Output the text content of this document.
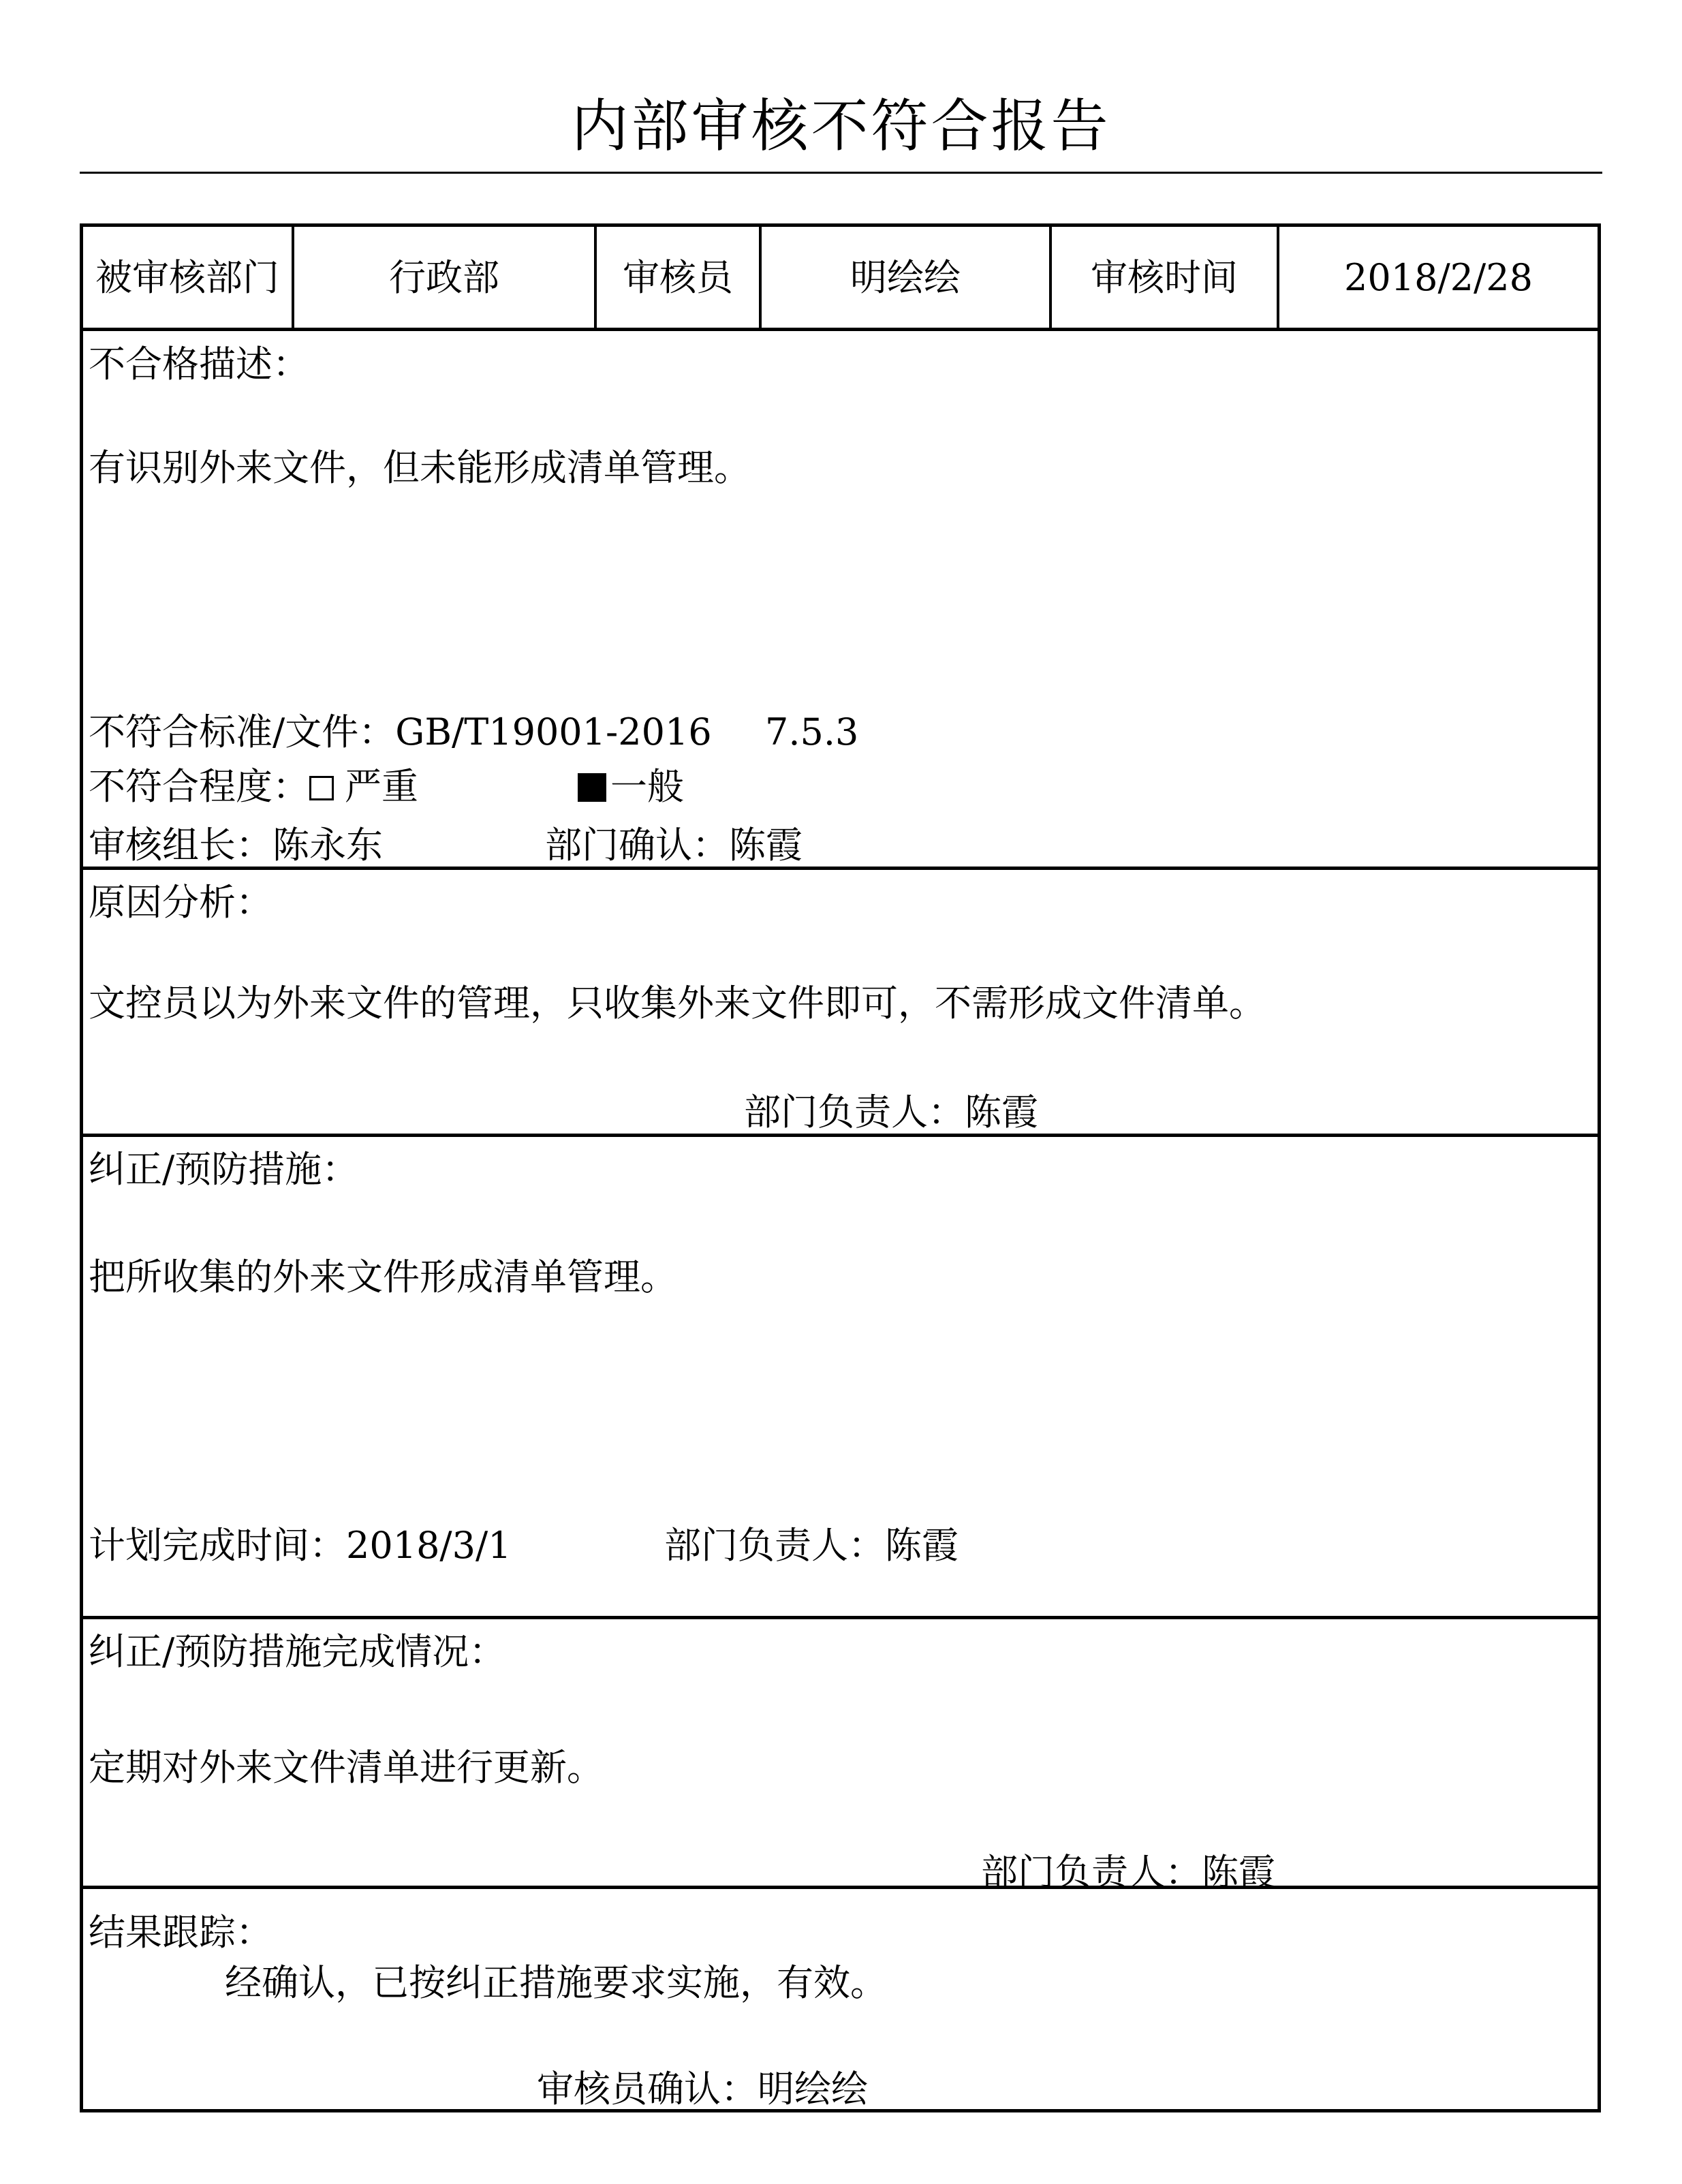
内部审核不符合报告
被审核部门	行政部	审核员	明绘绘	审核时间	2018/2/28
不合格描述：
有识别外来文件，但未能形成清单管理。
不符合标准/文件：GB/T19001-2016 7.5.3
不符合程度： 严重	一般
审核组长：陈永东	部门确认：陈霞
原因分析：
文控员以为外来文件的管理，只收集外来文件即可，不需形成文件清单。
部门负责人：陈霞
纠正/预防措施：
把所收集的外来文件形成清单管理。
计划完成时间：2018/3/1	部门负责人：陈霞
纠正/预防措施完成情况：
定期对外来文件清单进行更新。
部门负责人：陈霞
结果跟踪：
经确认，已按纠正措施要求实施，有效。
审核员确认：明绘绘
